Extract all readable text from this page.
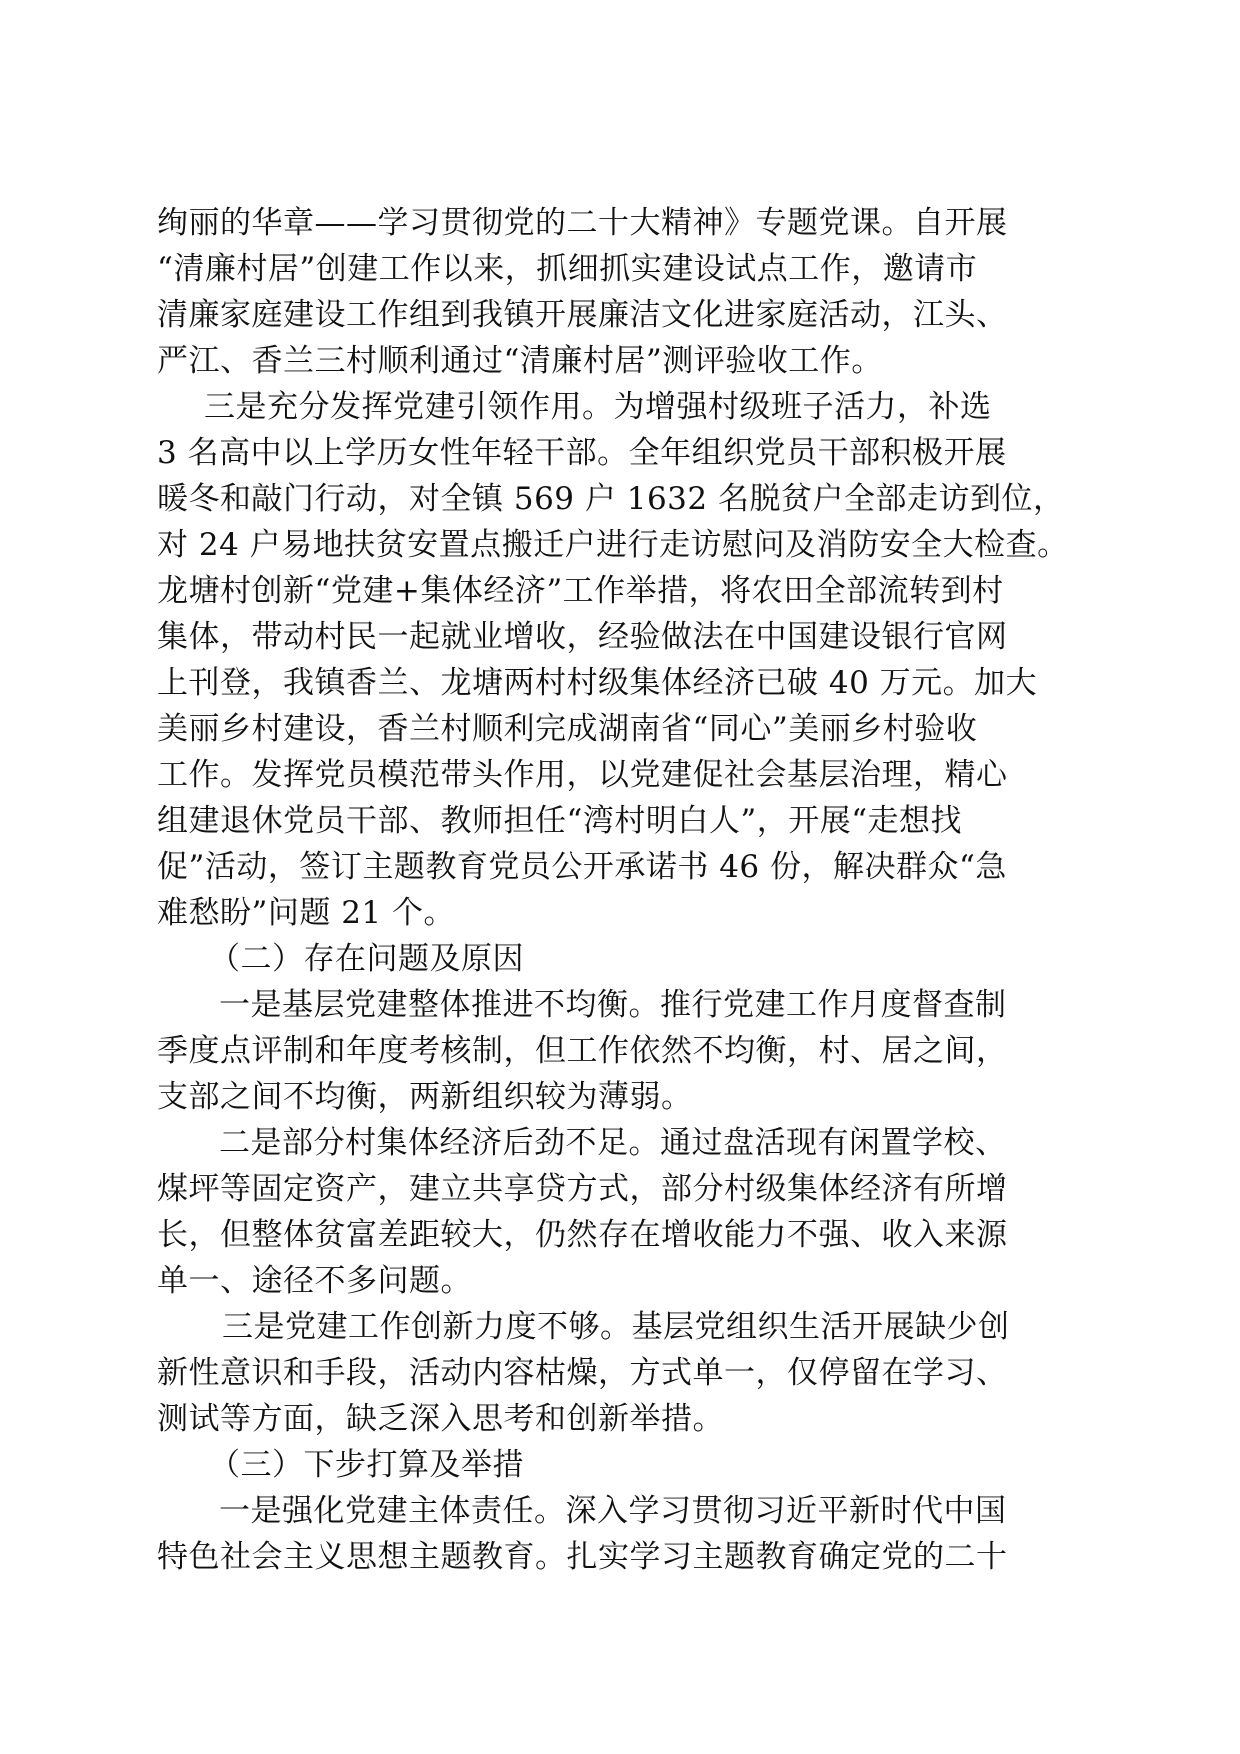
绚丽的华章——学习贯彻党的二十大精神》专题党课。自开展
“清廉村居”创建工作以来，抓细抓实建设试点工作，邀请市
清廉家庭建设工作组到我镇开展廉洁文化进家庭活动，江头、
严江、香兰三村顺利通过“清廉村居”测评验收工作。
三是充分发挥党建引领作用。为增强村级班子活力，补选
3 名高中以上学历女性年轻干部。全年组织党员干部积极开展
暖冬和敲门行动，对全镇 569 户 1632 名脱贫户全部走访到位，
对 24 户易地扶贫安置点搬迁户进行走访慰问及消防安全大检查。
龙塘村创新“党建+集体经济”工作举措，将农田全部流转到村
集体，带动村民一起就业增收，经验做法在中国建设银行官网
上刊登，我镇香兰、龙塘两村村级集体经济已破 40 万元。加大
美丽乡村建设，香兰村顺利完成湖南省“同心”美丽乡村验收
工作。发挥党员模范带头作用，以党建促社会基层治理，精心
组建退休党员干部、教师担任“湾村明白人”，开展“走想找
促”活动，签订主题教育党员公开承诺书 46 份，解决群众“急
难愁盼”问题 21 个。
（二）存在问题及原因
一是基层党建整体推进不均衡。推行党建工作月度督查制
季度点评制和年度考核制，但工作依然不均衡，村、居之间，
支部之间不均衡，两新组织较为薄弱。
二是部分村集体经济后劲不足。通过盘活现有闲置学校、
煤坪等固定资产，建立共享贷方式，部分村级集体经济有所增
长，但整体贫富差距较大，仍然存在增收能力不强、收入来源
单一、途径不多问题。
三是党建工作创新力度不够。基层党组织生活开展缺少创
新性意识和手段，活动内容枯燥，方式单一，仅停留在学习、
测试等方面，缺乏深入思考和创新举措。
（三）下步打算及举措
一是强化党建主体责任。深入学习贯彻习近平新时代中国
特色社会主义思想主题教育。扎实学习主题教育确定党的二十
